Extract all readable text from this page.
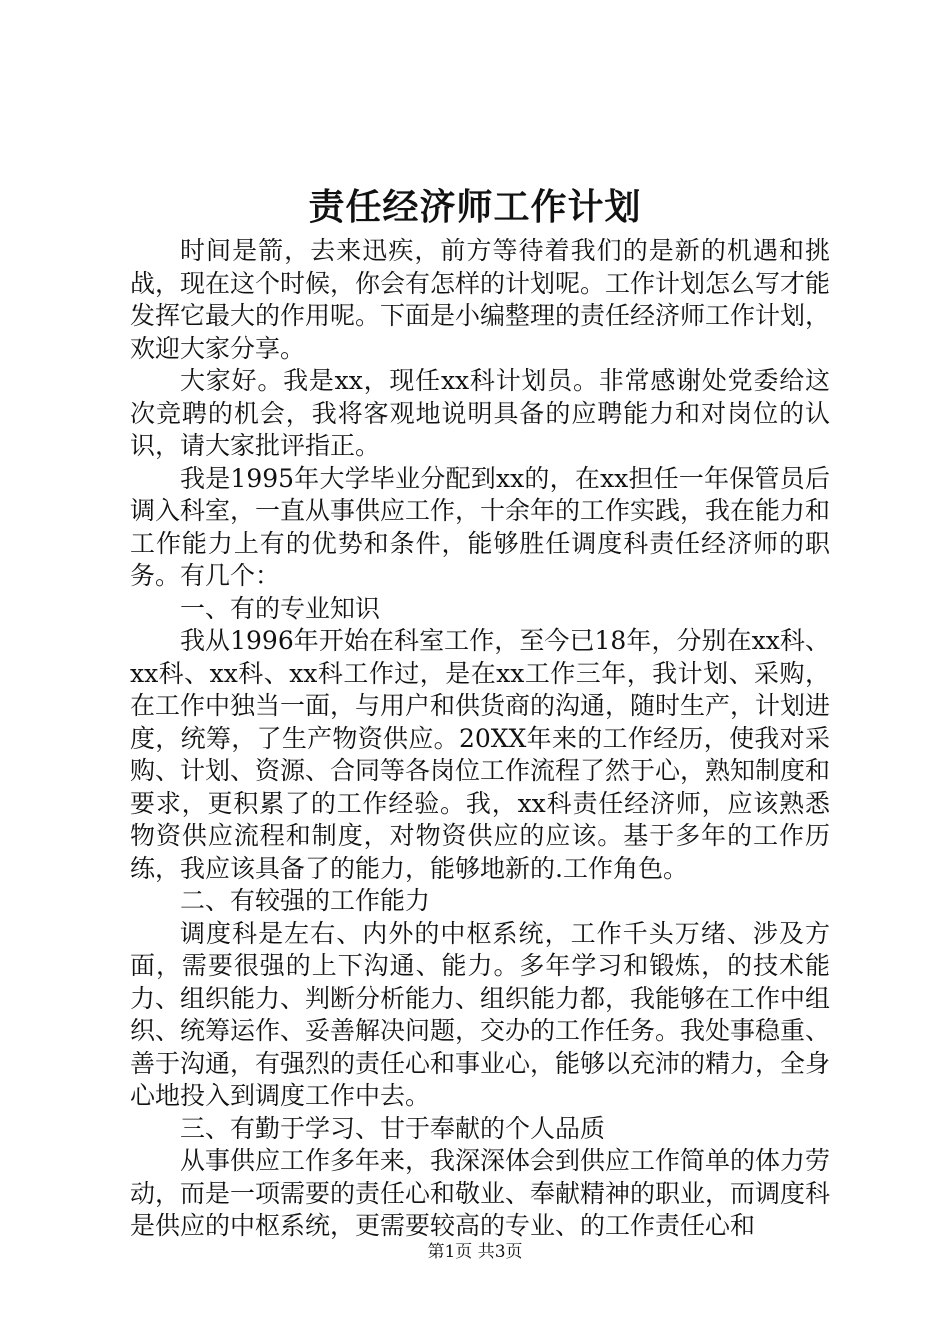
责任经济师工作计划

时间是箭，去来迅疾，前方等待着我们的是新的机遇和挑战，现在这个时候，你会有怎样的计划呢。工作计划怎么写才能发挥它最大的作用呢。下面是小编整理的责任经济师工作计划，欢迎大家分享。

大家好。我是xx，现任xx科计划员。非常感谢处党委给这次竞聘的机会，我将客观地说明具备的应聘能力和对岗位的认识，请大家批评指正。

我是1995年大学毕业分配到xx的，在xx担任一年保管员后调入科室，一直从事供应工作，十余年的工作实践，我在能力和工作能力上有的优势和条件，能够胜任调度科责任经济师的职务。有几个：

一、有的专业知识

我从1996年开始在科室工作，至今已18年，分别在xx科、xx科、xx科、xx科工作过，是在xx工作三年，我计划、采购，在工作中独当一面，与用户和供货商的沟通，随时生产，计划进度，统筹，了生产物资供应。20XX年来的工作经历，使我对采购、计划、资源、合同等各岗位工作流程了然于心，熟知制度和要求，更积累了的工作经验。我，xx科责任经济师，应该熟悉物资供应流程和制度，对物资供应的应该。基于多年的工作历练，我应该具备了的能力，能够地新的.工作角色。

二、有较强的工作能力

调度科是左右、内外的中枢系统，工作千头万绪、涉及方面，需要很强的上下沟通、能力。多年学习和锻炼，的技术能力、组织能力、判断分析能力、组织能力都，我能够在工作中组织、统筹运作、妥善解决问题，交办的工作任务。我处事稳重、善于沟通，有强烈的责任心和事业心，能够以充沛的精力，全身心地投入到调度工作中去。

三、有勤于学习、甘于奉献的个人品质

从事供应工作多年来，我深深体会到供应工作简单的体力劳动，而是一项需要的责任心和敬业、奉献精神的职业，而调度科是供应的中枢系统，更需要较高的专业、的工作责任心和

第1页 共3页
